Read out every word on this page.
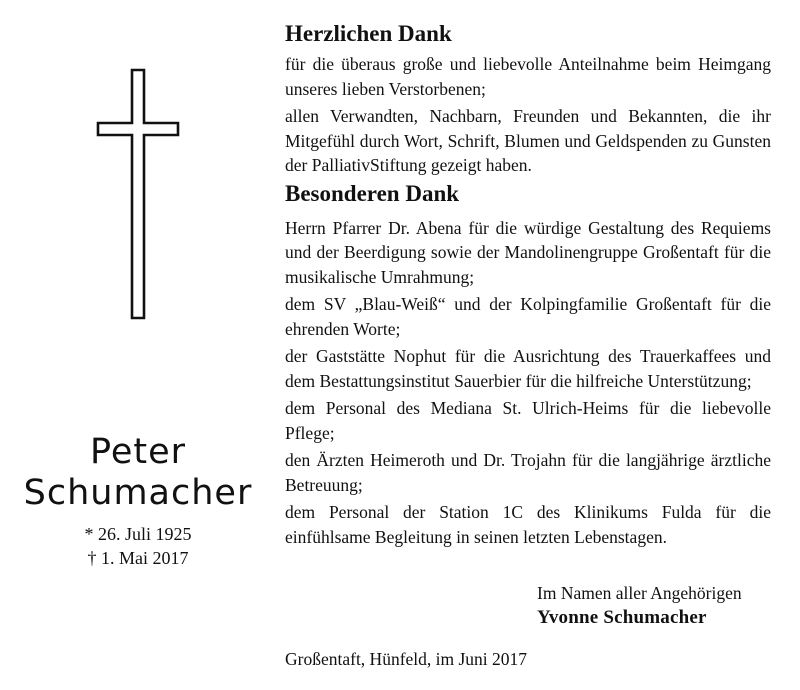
Peter
Schumacher
* 26. Juli 1925
† 1. Mai 2017
Herzlichen Dank

für die überaus große und liebevolle Anteilnahme beim Heimgang unseres lieben Verstorbenen;

allen Verwandten, Nachbarn, Freunden und Bekannten, die ihr Mitgefühl durch Wort, Schrift, Blumen und Geldspenden zu Gunsten der PalliativStiftung gezeigt haben.

Besonderen Dank

Herrn Pfarrer Dr. Abena für die würdige Gestaltung des Requiems und der Beerdigung sowie der Mandolinengruppe Großentaft für die musikalische Umrahmung;

dem SV „Blau-Weiß“ und der Kolpingfamilie Großentaft für die ehrenden Worte;

der Gaststätte Nophut für die Ausrichtung des Trauerkaffees und dem Bestattungsinstitut Sauerbier für die hilfreiche Unterstützung;

dem Personal des Mediana St. Ulrich-Heims für die liebevolle Pflege;

den Ärzten Heimeroth und Dr. Trojahn für die langjährige ärztliche Betreuung;

dem Personal der Station 1C des Klinikums Fulda für die einfühlsame Begleitung in seinen letzten Lebenstagen.

Im Namen aller Angehörigen
Yvonne Schumacher
Großentaft, Hünfeld, im Juni 2017
